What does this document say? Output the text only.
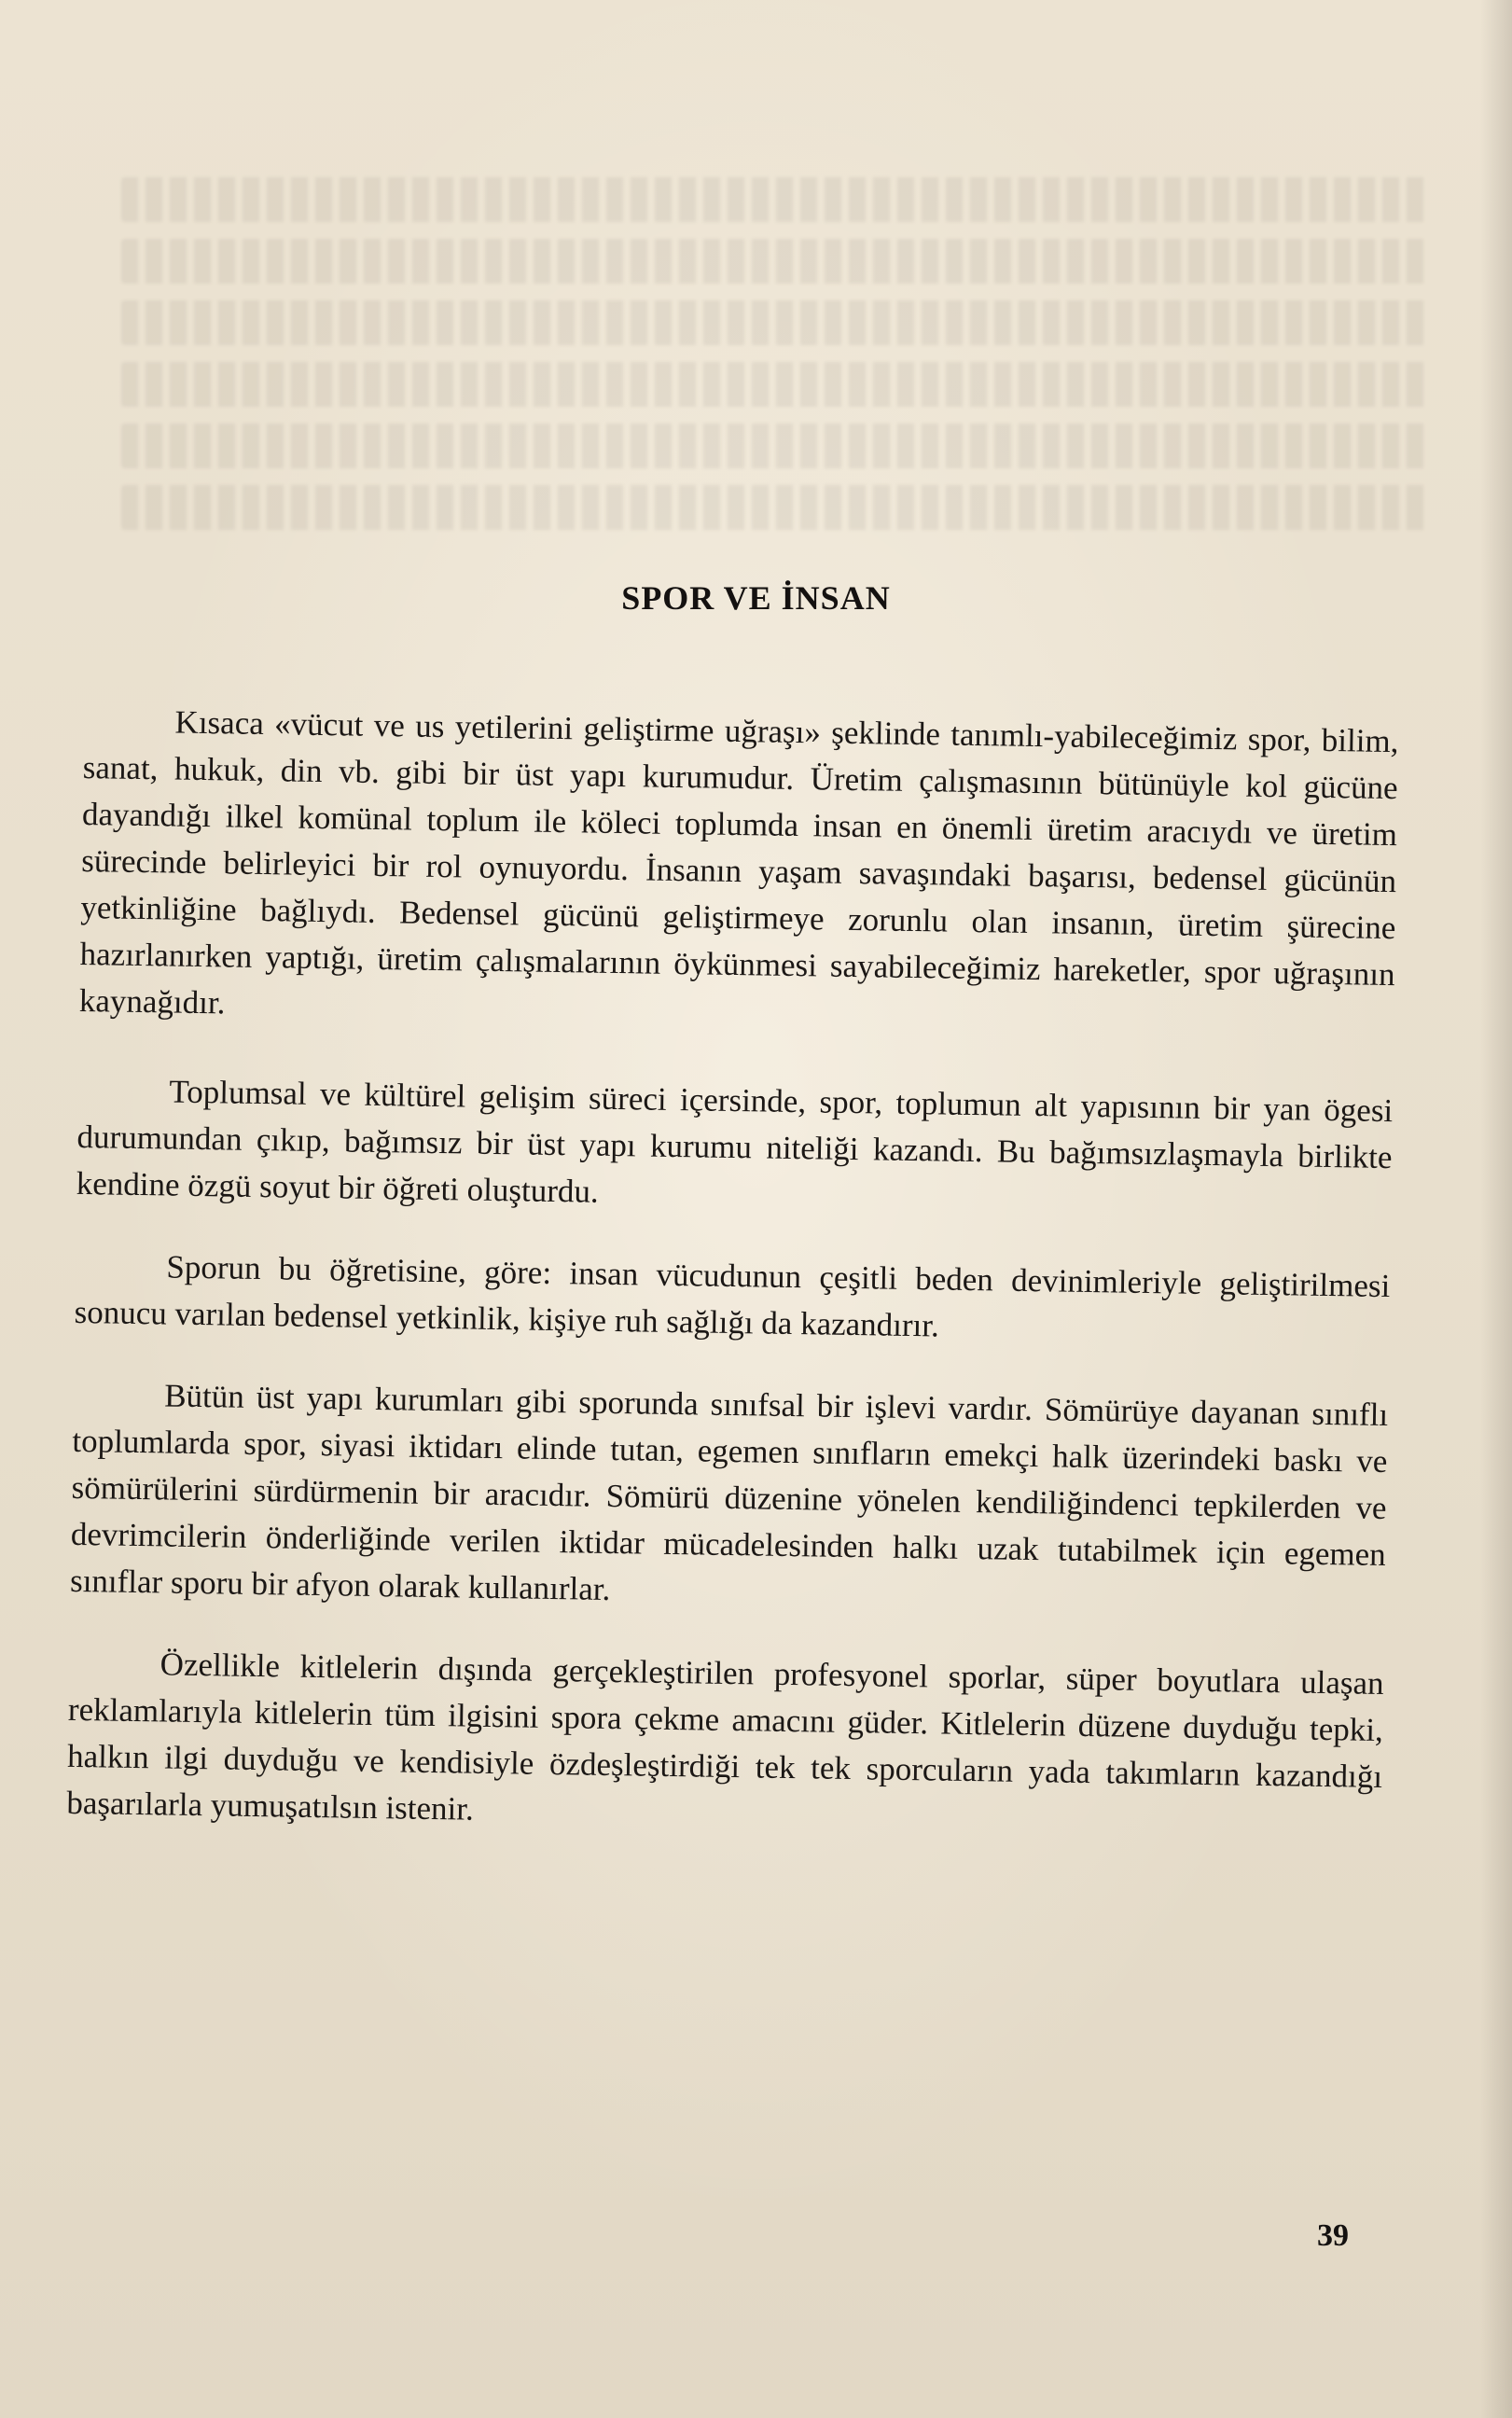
SPOR VE İNSAN

Kısaca «vücut ve us yetilerini geliştirme uğraşı» şeklinde tanımlı-yabileceğimiz spor, bilim, sanat, hukuk, din vb. gibi bir üst yapı kurumudur. Üretim çalışmasının bütünüyle kol gücüne dayandığı ilkel komünal toplum ile köleci toplumda insan en önemli üretim aracıydı ve üretim sürecinde belirleyici bir rol oynuyordu. İnsanın yaşam savaşındaki başarısı, bedensel gücünün yetkinliğine bağlıydı. Bedensel gücünü geliştirmeye zorunlu olan insanın, üretim şürecine hazırlanırken yaptığı, üretim çalışmalarının öykünmesi sayabileceğimiz hareketler, spor uğraşının kaynağıdır.

Toplumsal ve kültürel gelişim süreci içersinde, spor, toplumun alt yapısının bir yan ögesi durumundan çıkıp, bağımsız bir üst yapı kurumu niteliği kazandı. Bu bağımsızlaşmayla birlikte kendine özgü soyut bir öğreti oluşturdu.

Sporun bu öğretisine, göre: insan vücudunun çeşitli beden devinimleriyle geliştirilmesi sonucu varılan bedensel yetkinlik, kişiye ruh sağlığı da kazandırır.

Bütün üst yapı kurumları gibi sporunda sınıfsal bir işlevi vardır. Sömürüye dayanan sınıflı toplumlarda spor, siyasi iktidarı elinde tutan, egemen sınıfların emekçi halk üzerindeki baskı ve sömürülerini sürdürmenin bir aracıdır. Sömürü düzenine yönelen kendiliğindenci tepkilerden ve devrimcilerin önderliğinde verilen iktidar mücadelesinden halkı uzak tutabilmek için egemen sınıflar sporu bir afyon olarak kullanırlar.

Özellikle kitlelerin dışında gerçekleştirilen profesyonel sporlar, süper boyutlara ulaşan reklamlarıyla kitlelerin tüm ilgisini spora çekme amacını güder. Kitlelerin düzene duyduğu tepki, halkın ilgi duyduğu ve kendisiyle özdeşleştirdiği tek tek sporcuların yada takımların kazandığı başarılarla yumuşatılsın istenir.

39
